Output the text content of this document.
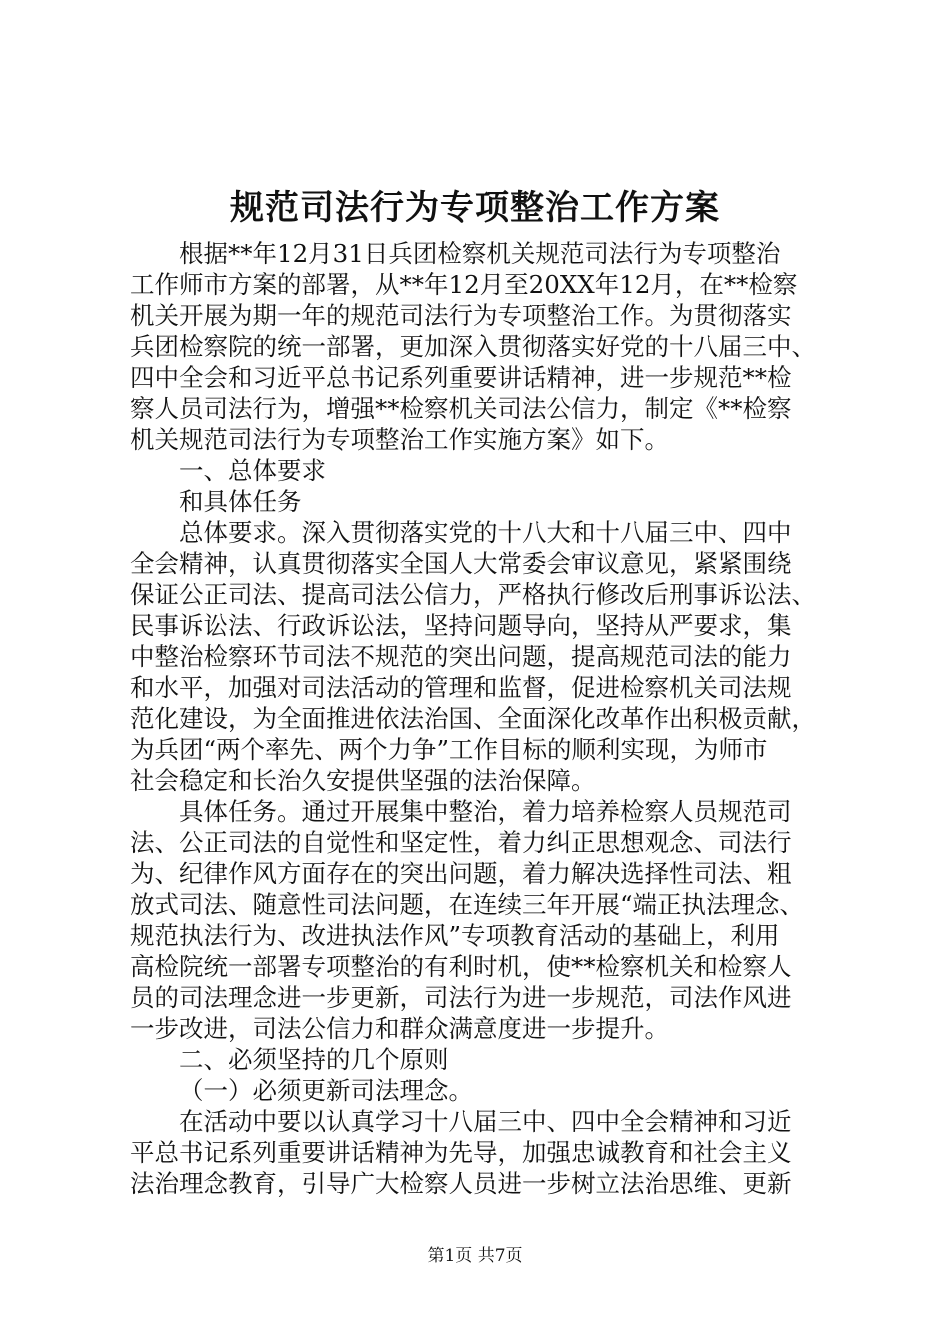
规范司法行为专项整治工作方案
根据**年12月31日兵团检察机关规范司法行为专项整治
工作师市方案的部署，从**年12月至20XX年12月，在**检察
机关开展为期一年的规范司法行为专项整治工作。为贯彻落实
兵团检察院的统一部署，更加深入贯彻落实好党的十八届三中、
四中全会和习近平总书记系列重要讲话精神，进一步规范**检
察人员司法行为，增强**检察机关司法公信力，制定《**检察
机关规范司法行为专项整治工作实施方案》如下。
一、总体要求
和具体任务
总体要求。深入贯彻落实党的十八大和十八届三中、四中
全会精神，认真贯彻落实全国人大常委会审议意见，紧紧围绕
保证公正司法、提高司法公信力，严格执行修改后刑事诉讼法、
民事诉讼法、行政诉讼法，坚持问题导向，坚持从严要求，集
中整治检察环节司法不规范的突出问题，提高规范司法的能力
和水平，加强对司法活动的管理和监督，促进检察机关司法规
范化建设，为全面推进依法治国、全面深化改革作出积极贡献，
为兵团“两个率先、两个力争”工作目标的顺利实现，为师市
社会稳定和长治久安提供坚强的法治保障。
具体任务。通过开展集中整治，着力培养检察人员规范司
法、公正司法的自觉性和坚定性，着力纠正思想观念、司法行
为、纪律作风方面存在的突出问题，着力解决选择性司法、粗
放式司法、随意性司法问题，在连续三年开展“端正执法理念、
规范执法行为、改进执法作风”专项教育活动的基础上，利用
高检院统一部署专项整治的有利时机，使**检察机关和检察人
员的司法理念进一步更新，司法行为进一步规范，司法作风进
一步改进，司法公信力和群众满意度进一步提升。
二、必须坚持的几个原则
（一）必须更新司法理念。
在活动中要以认真学习十八届三中、四中全会精神和习近
平总书记系列重要讲话精神为先导，加强忠诚教育和社会主义
法治理念教育，引导广大检察人员进一步树立法治思维、更新
第1页 共7页
